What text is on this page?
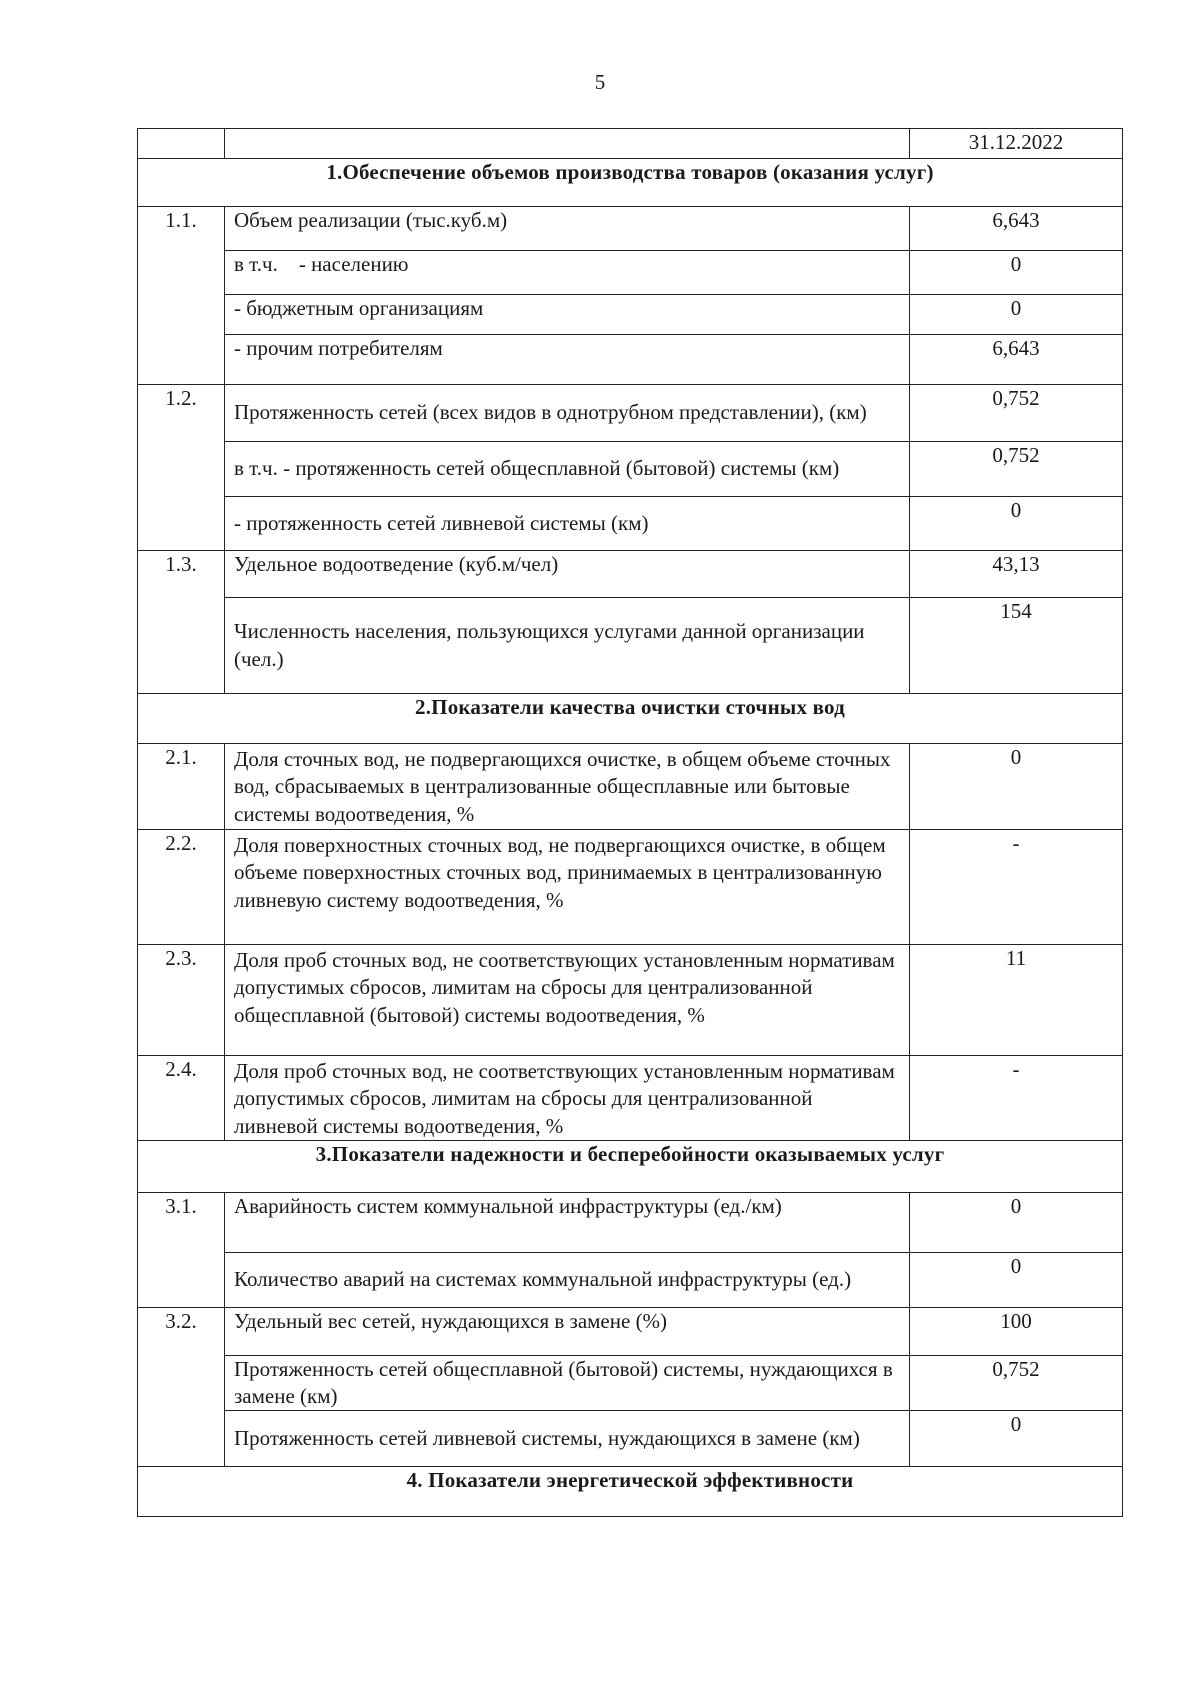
5
		31.12.2022
1.Обеспечение объемов производства товаров (оказания услуг)		
1.1.	Объем реализации (тыс.куб.м)	6,643
	в т.ч.    - населению	0
	- бюджетным организациям	0
	- прочим потребителям	6,643
1.2.	Протяженность сетей (всех видов в однотрубном представлении), (км)	0,752
	в т.ч. - протяженность сетей общесплавной (бытовой) системы (км)	0,752
	- протяженность сетей ливневой системы (км)	0
1.3.	Удельное водоотведение (куб.м/чел)	43,13
	Численность населения, пользующихся услугами данной организации (чел.)	154
2.Показатели качества очистки сточных вод		
2.1.	Доля сточных вод, не подвергающихся очистке, в общем объеме сточных вод, сбрасываемых в централизованные общесплавные или бытовые системы водоотведения, %	0
2.2.	Доля поверхностных сточных вод, не подвергающихся очистке, в общем объеме поверхностных сточных вод, принимаемых в централизованную ливневую систему водоотведения, %	-
2.3.	Доля проб сточных вод, не соответствующих установленным нормативам допустимых сбросов, лимитам на сбросы для централизованной общесплавной (бытовой) системы водоотведения, %	11
2.4.	Доля проб сточных вод, не соответствующих установленным нормативам допустимых сбросов, лимитам на сбросы для централизованной ливневой системы водоотведения, %	-
3.Показатели надежности и бесперебойности оказываемых услуг		
3.1.	Аварийность систем коммунальной инфраструктуры (ед./км)	0
	Количество аварий на системах коммунальной инфраструктуры (ед.)	0
3.2.	Удельный вес сетей, нуждающихся в замене (%)	100
	Протяженность сетей общесплавной (бытовой) системы, нуждающихся в замене (км)	0,752
	Протяженность сетей ливневой системы, нуждающихся в замене (км)	0
4. Показатели энергетической эффективности		
